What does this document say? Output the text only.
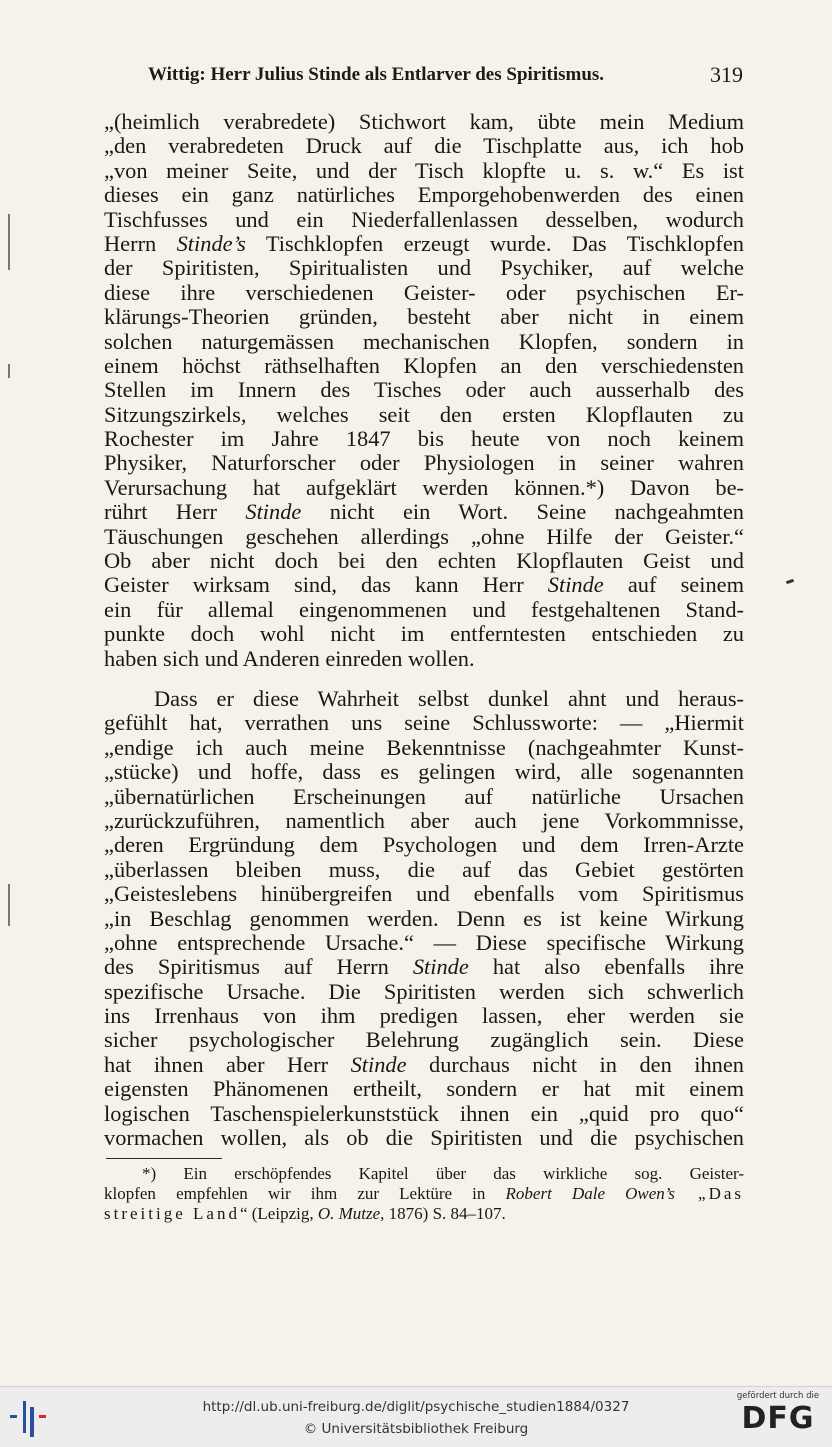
Wittig: Herr Julius Stinde als Entlarver des Spiritismus.	319
„(heimlich verabredete) Stichwort kam, übte mein Medium
„den verabredeten Druck auf die Tischplatte aus, ich hob
„von meiner Seite, und der Tisch klopfte u. s. w.“ Es ist
dieses ein ganz natürliches Emporgehobenwerden des einen
Tischfusses und ein Niederfallenlassen desselben, wodurch
Herrn Stinde’s Tischklopfen erzeugt wurde. Das Tischklopfen
der Spiritisten, Spiritualisten und Psychiker, auf welche
diese ihre verschiedenen Geister- oder psychischen Er-
klärungs-Theorien gründen, besteht aber nicht in einem
solchen naturgemässen mechanischen Klopfen, sondern in
einem höchst räthselhaften Klopfen an den verschiedensten
Stellen im Innern des Tisches oder auch ausserhalb des
Sitzungszirkels, welches seit den ersten Klopflauten zu
Rochester im Jahre 1847 bis heute von noch keinem
Physiker, Naturforscher oder Physiologen in seiner wahren
Verursachung hat aufgeklärt werden können.*) Davon be-
rührt Herr Stinde nicht ein Wort. Seine nachgeahmten
Täuschungen geschehen allerdings „ohne Hilfe der Geister.“
Ob aber nicht doch bei den echten Klopflauten Geist und
Geister wirksam sind, das kann Herr Stinde auf seinem
ein für allemal eingenommenen und festgehaltenen Stand-
punkte doch wohl nicht im entferntesten entschieden zu
haben sich und Anderen einreden wollen.
Dass er diese Wahrheit selbst dunkel ahnt und heraus-
gefühlt hat, verrathen uns seine Schlussworte: — „Hiermit
„endige ich auch meine Bekenntnisse (nachgeahmter Kunst-
„stücke) und hoffe, dass es gelingen wird, alle sogenannten
„übernatürlichen Erscheinungen auf natürliche Ursachen
„zurückzuführen, namentlich aber auch jene Vorkommnisse,
„deren Ergründung dem Psychologen und dem Irren-Arzte
„überlassen bleiben muss, die auf das Gebiet gestörten
„Geisteslebens hinübergreifen und ebenfalls vom Spiritismus
„in Beschlag genommen werden. Denn es ist keine Wirkung
„ohne entsprechende Ursache.“ — Diese specifische Wirkung
des Spiritismus auf Herrn Stinde hat also ebenfalls ihre
spezifische Ursache. Die Spiritisten werden sich schwerlich
ins Irrenhaus von ihm predigen lassen, eher werden sie
sicher psychologischer Belehrung zugänglich sein. Diese
hat ihnen aber Herr Stinde durchaus nicht in den ihnen
eigensten Phänomenen ertheilt, sondern er hat mit einem
logischen Taschenspielerkunststück ihnen ein „quid pro quo“
vormachen wollen, als ob die Spiritisten und die psychischen
*) Ein erschöpfendes Kapitel über das wirkliche sog. Geister-
klopfen empfehlen wir ihm zur Lektüre in Robert Dale Owen’s „Das
streitige Land“ (Leipzig, O. Mutze, 1876) S. 84–107.
http://dl.ub.uni-freiburg.de/diglit/psychische_studien1884/0327
© Universitätsbibliothek Freiburg
gefördert durch die
DFG
